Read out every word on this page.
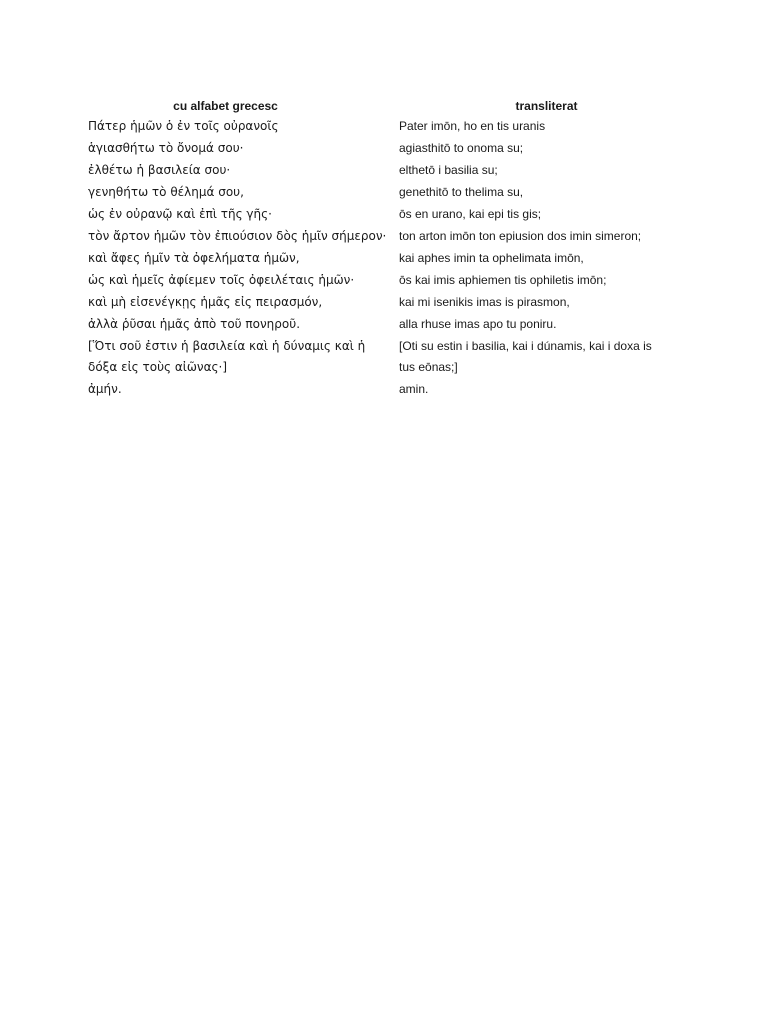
cu alfabet grecesc	transliterat
Πάτερ ἡμῶν ὁ ἐν τοῖς οὐρανοῖς	Pater imōn, ho en tis uranis
ἁγιασθήτω τὸ ὄνομά σου·	agiasthitō to onoma su;
ἐλθέτω ἡ βασιλεία σου·	elthetō i basilia su;
γενηθήτω τὸ θέλημά σου,	genethitō to thelima su,
ὡς ἐν οὐρανῷ καὶ ἐπὶ τῆς γῆς·	ōs en urano, kai epi tis gis;
τὸν ἄρτον ἡμῶν τὸν ἐπιούσιον δὸς ἡμῖν σήμερον·	ton arton imōn ton epiusion dos imin simeron;
καὶ ἄφες ἡμῖν τὰ ὀφελήματα ἡμῶν,	kai aphes imin ta ophelimata imōn,
ὡς καὶ ἡμεῖς ἀφίεμεν τοῖς ὀφειλέταις ἡμῶν·	ōs kai imis aphiemen tis ophiletis imōn;
καὶ μὴ εἰσενέγκῃς ἡμᾶς εἰς πειρασμόν,	kai mi isenikis imas is pirasmon,
ἀλλὰ ῥῦσαι ἡμᾶς ἀπὸ τοῦ πονηροῦ.	alla rhuse imas apo tu poniru.
[Ὅτι σοῦ ἐστιν ἡ βασιλεία καὶ ἡ δύναμις καὶ ἡ δόξα εἰς τοὺς αἰῶνας·]	[Oti su estin i basilia, kai i dúnamis, kai i doxa is tus eōnas;]
ἀμήν.	amin.
